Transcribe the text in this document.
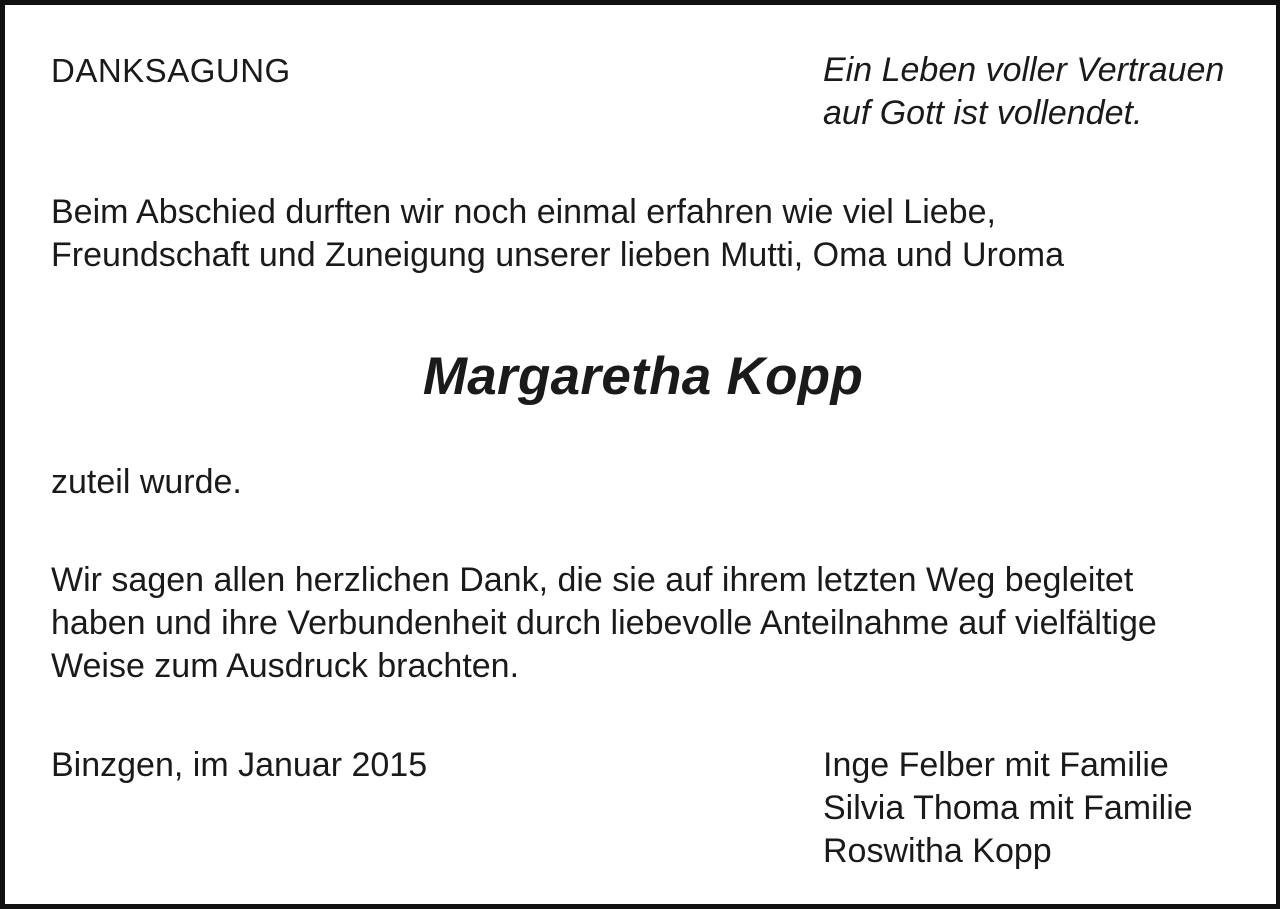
DANKSAGUNG	Ein Leben voller Vertrauen
auf Gott ist vollendet.

Beim Abschied durften wir noch einmal erfahren wie viel Liebe,
Freundschaft und Zuneigung unserer lieben Mutti, Oma und Uroma

Margaretha Kopp

zuteil wurde.

Wir sagen allen herzlichen Dank, die sie auf ihrem letzten Weg begleitet
haben und ihre Verbundenheit durch liebevolle Anteilnahme auf vielfältige
Weise zum Ausdruck brachten.

Binzgen, im Januar 2015	Inge Felber mit Familie
Silvia Thoma mit Familie
Roswitha Kopp
